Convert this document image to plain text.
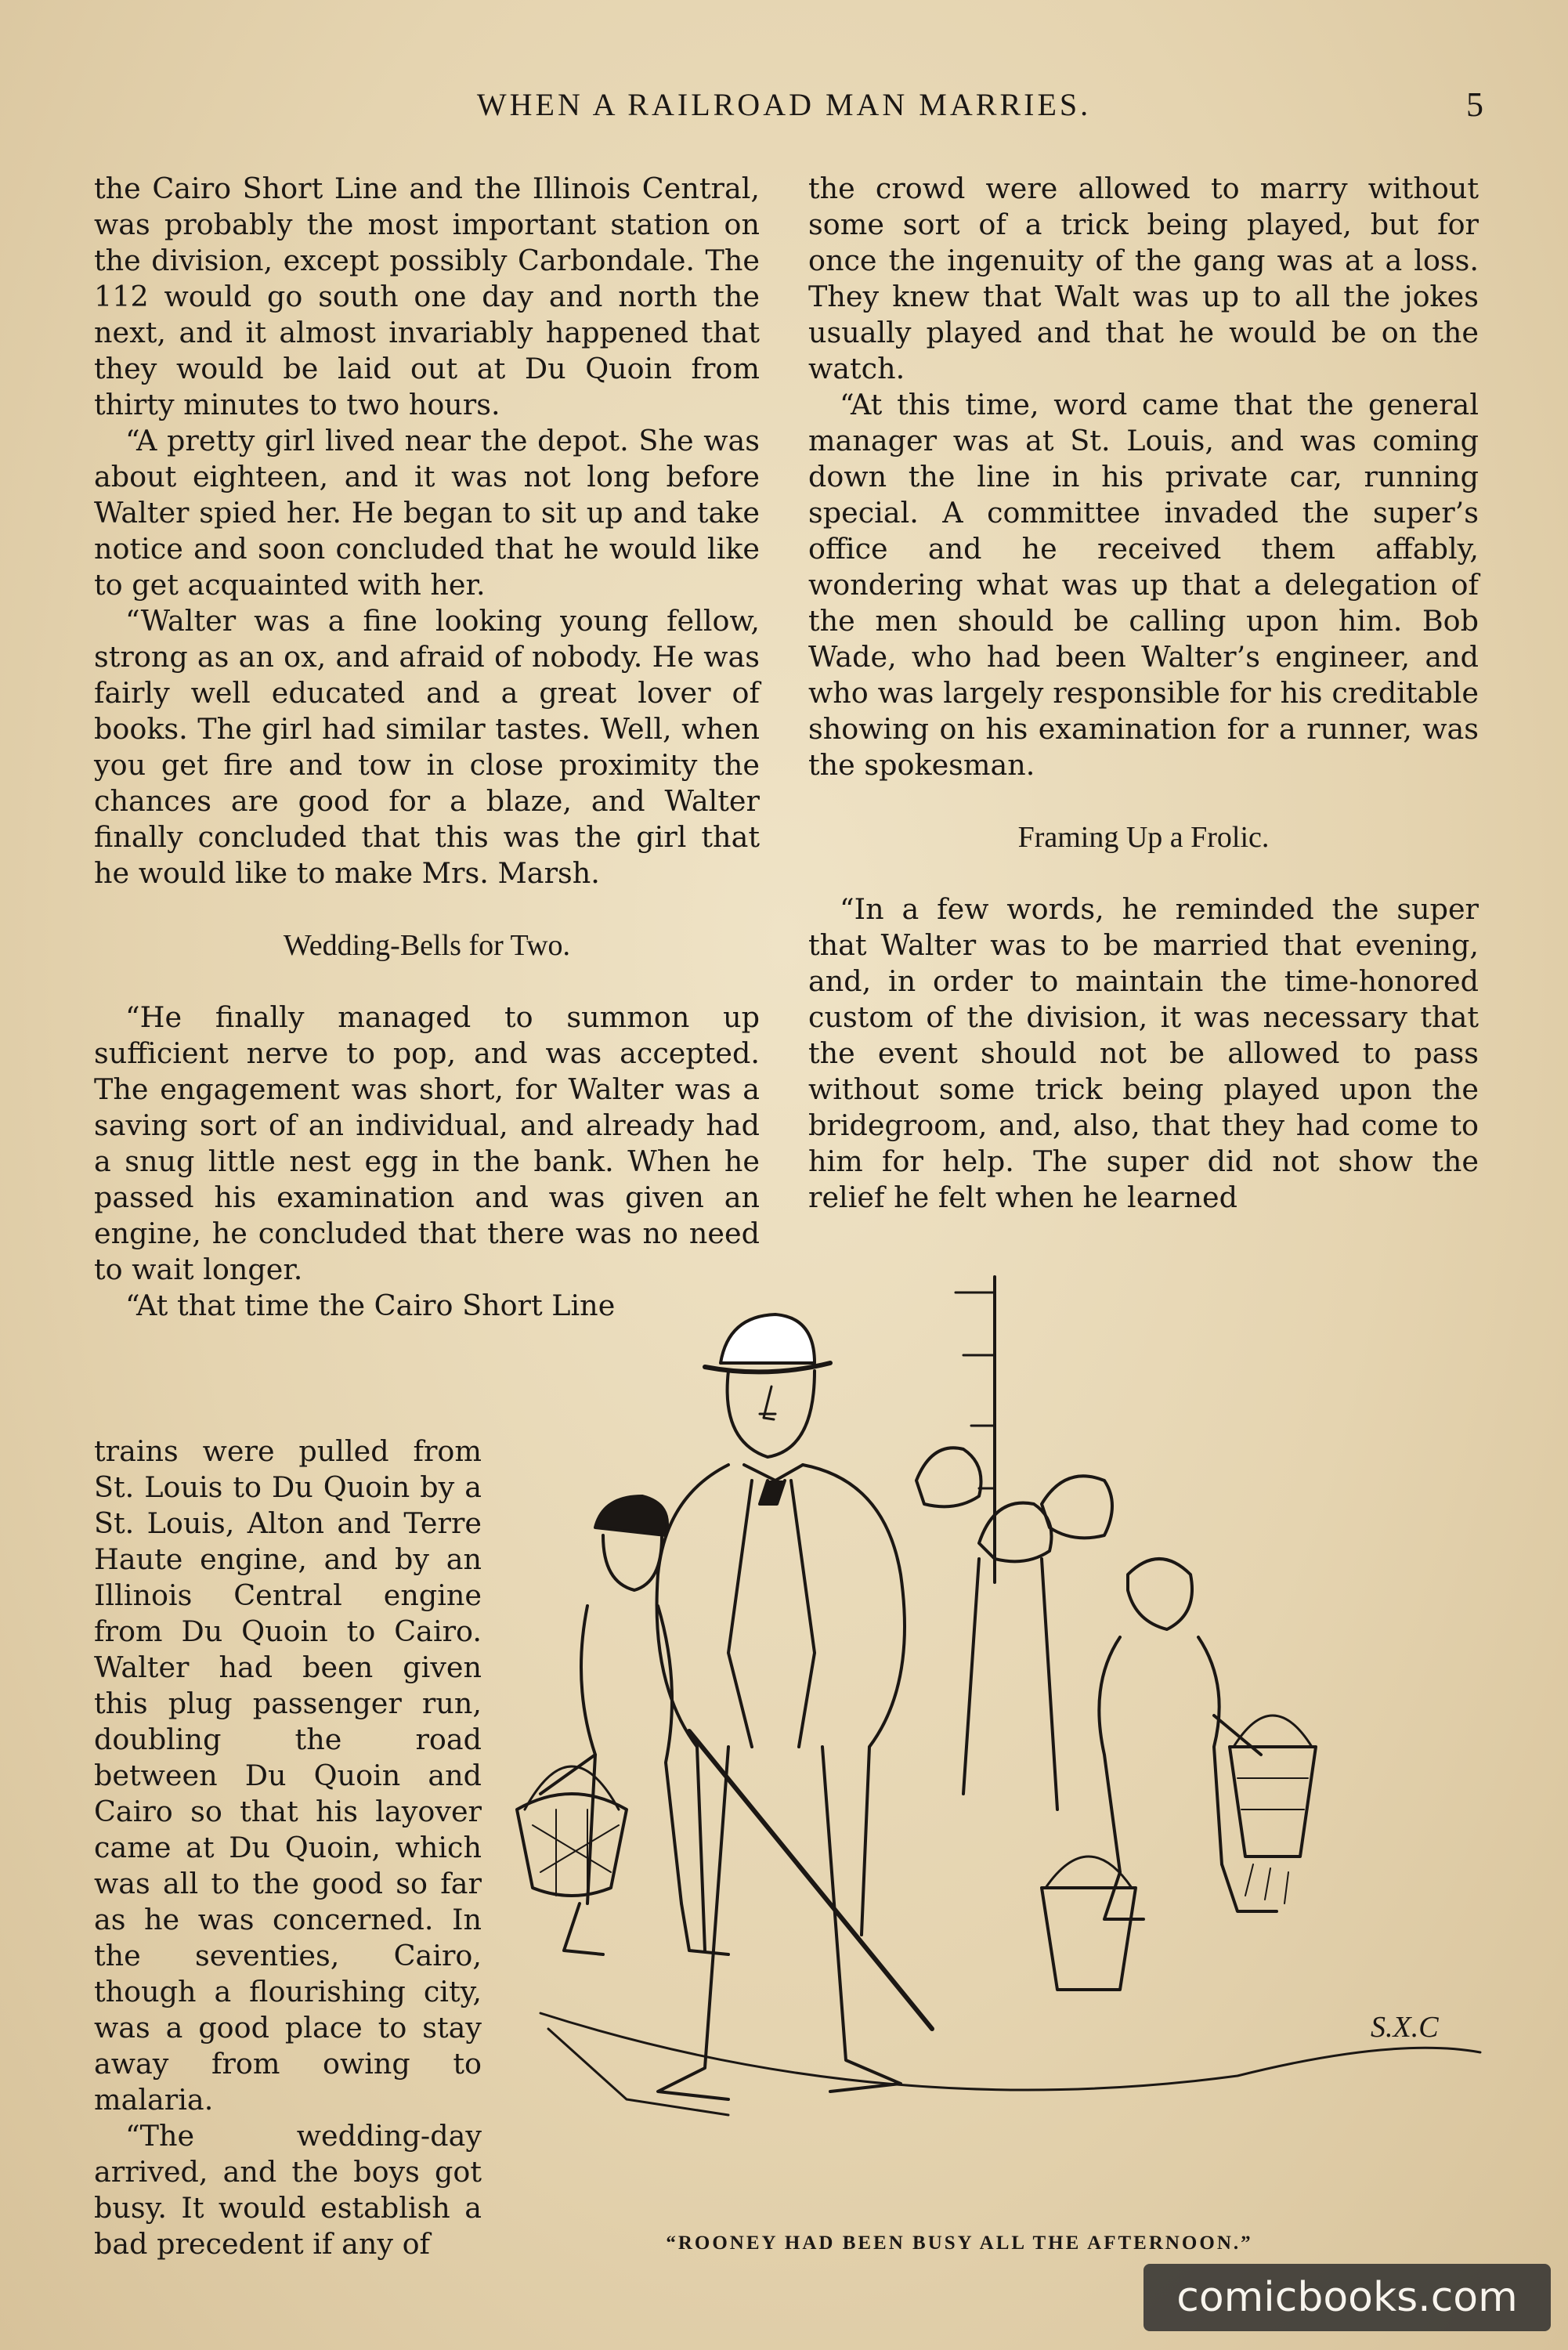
WHEN A RAILROAD MAN MARRIES.	5

the Cairo Short Line and the Illinois Central, was probably the most important station on the division, except possibly Carbondale. The 112 would go south one day and north the next, and it almost invariably happened that they would be laid out at Du Quoin from thirty minutes to two hours.

“A pretty girl lived near the depot. She was about eighteen, and it was not long before Walter spied her. He began to sit up and take notice and soon concluded that he would like to get acquainted with her.

“Walter was a fine looking young fellow, strong as an ox, and afraid of nobody. He was fairly well educated and a great lover of books. The girl had similar tastes. Well, when you get fire and tow in close proximity the chances are good for a blaze, and Walter finally concluded that this was the girl that he would like to make Mrs. Marsh.

Wedding-Bells for Two.

“He finally managed to summon up sufficient nerve to pop, and was accepted. The engagement was short, for Walter was a saving sort of an individual, and already had a snug little nest egg in the bank. When he passed his examination and was given an engine, he concluded that there was no need to wait longer.

“At that time the Cairo Short Line

trains were pulled from St. Louis to Du Quoin by a St. Louis, Alton and Terre Haute engine, and by an Illinois Central engine from Du Quoin to Cairo. Walter had been given this plug passenger run, doubling the road between Du Quoin and Cairo so that his layover came at Du Quoin, which was all to the good so far as he was concerned. In the seventies, Cairo, though a flourishing city, was a good place to stay away from owing to malaria.

“The wedding-day arrived, and the boys got busy. It would establish a bad precedent if any of

the crowd were allowed to marry without some sort of a trick being played, but for once the ingenuity of the gang was at a loss. They knew that Walt was up to all the jokes usually played and that he would be on the watch.

“At this time, word came that the general manager was at St. Louis, and was coming down the line in his private car, running special. A committee invaded the super’s office and he received them affably, wondering what was up that a delegation of the men should be calling upon him. Bob Wade, who had been Walter’s engineer, and who was largely responsible for his creditable showing on his examination for a runner, was the spokesman.

Framing Up a Frolic.

“In a few words, he reminded the super that Walter was to be married that evening, and, in order to maintain the time-honored custom of the division, it was necessary that the event should not be allowed to pass without some trick being played upon the bridegroom, and, also, that they had come to him for help. The super did not show the relief he felt when he learned

S.X.C
“ROONEY HAD BEEN BUSY ALL THE AFTERNOON.”
comicbooks.com
